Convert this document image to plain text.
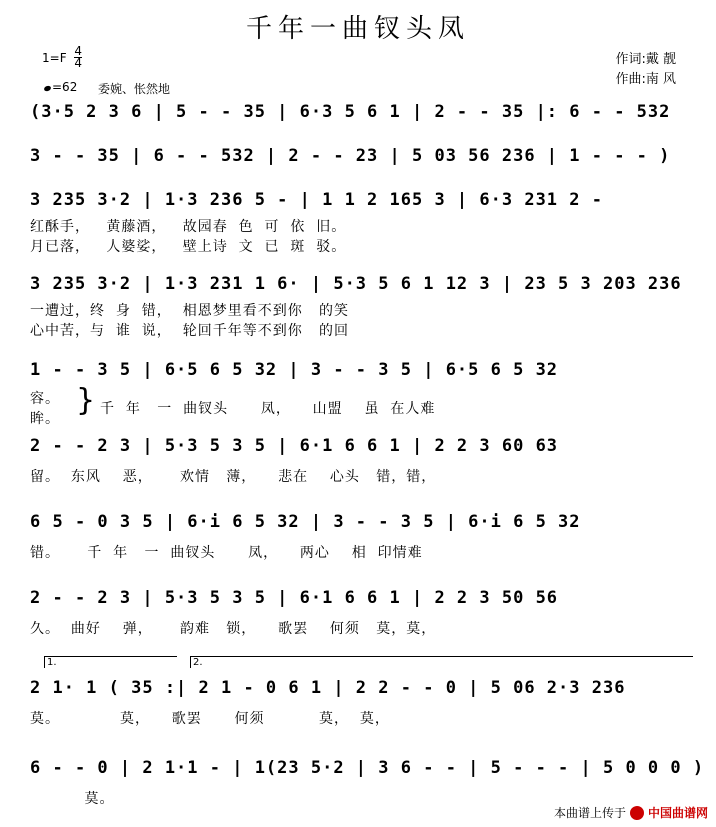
千年一曲钗头凤
$1=F \frac{4}{4}$
=62 委婉、怅然地
作词:戴 靓
作曲:南 风
(3·5 2 3 6 | 5 - - 35 | 6·3 5 6 1 | 2 - - 35 |: 6 - - 532
3 - - 35 | 6 - - 532 | 2 - - 23 | 5 03 56 236 | 1 - - - )
3 235 3·2 | 1·3 236 5 - | 1 1 2 165 3 | 6·3 231 2 -
红酥手，   黄藤酒，   故园春  色  可  依  旧。
月已落，   人婆娑，   壁上诗  文  已  斑  驳。
3 235 3·2 | 1·3 231 1 6· | 5·3 5 6 1 12 3 | 23 5 3 203 236
一遭过，终  身  错，  相恩梦里看不到你   的笑
心中苦，与  谁  说，  轮回千年等不到你   的回
1 - - 3 5 | 6·5 6 5 32 | 3 - - 3 5 | 6·5 6 5 32
容。
眸。
} 千  年   一  曲钗头      凤，    山盟    虽  在人难
2 - - 2 3 | 5·3 5 3 5 | 6·1 6 6 1 | 2 2 3 60 63
留。  东风    恶，     欢情   薄，    悲在    心头   错，错，
6 5 - 0 3 5 | 6·i 6 5 32 | 3 - - 3 5 | 6·i 6 5 32
错。     千  年   一  曲钗头      凤，    两心    相  印情难
2 - - 2 3 | 5·3 5 3 5 | 6·1 6 6 1 | 2 2 3 50 56
久。  曲好    弹，     韵难   锁，    歌罢    何须   莫，莫，
1.	2.
2 1· 1 ( 35 :| 2 1 - 0 6 1 | 2 2 - - 0 | 5 06 2·3 236
莫。           莫，    歌罢      何须          莫，  莫，
6 - - 0 | 2 1·1 - | 1(23 5·2 | 3 6 - - | 5 - - - | 5 0 0 0 )
莫。
本曲谱上传于 中国曲谱网
